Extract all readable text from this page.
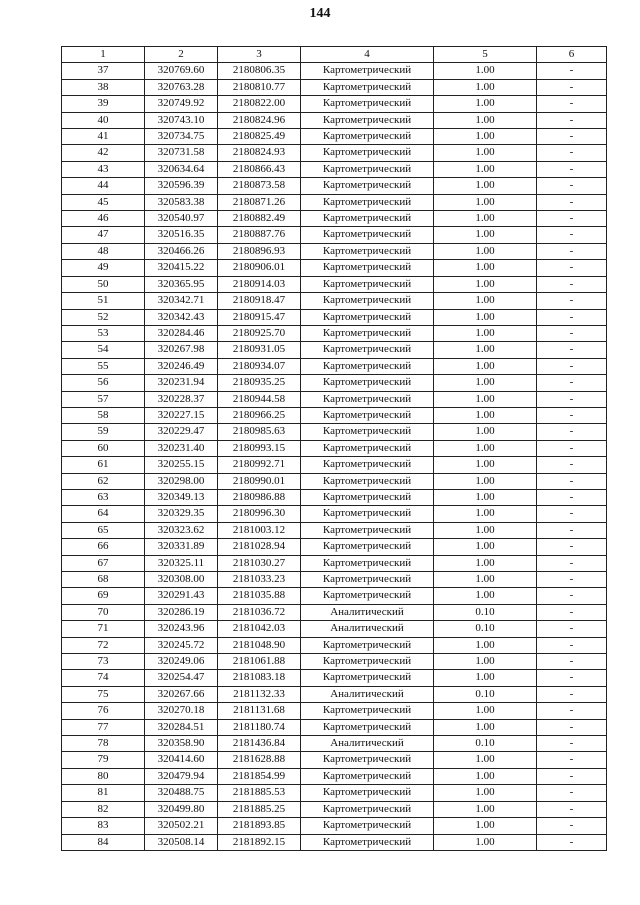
144
1	2	3	4	5	6
37	320769.60	2180806.35	Картометрический	1.00	-
38	320763.28	2180810.77	Картометрический	1.00	-
39	320749.92	2180822.00	Картометрический	1.00	-
40	320743.10	2180824.96	Картометрический	1.00	-
41	320734.75	2180825.49	Картометрический	1.00	-
42	320731.58	2180824.93	Картометрический	1.00	-
43	320634.64	2180866.43	Картометрический	1.00	-
44	320596.39	2180873.58	Картометрический	1.00	-
45	320583.38	2180871.26	Картометрический	1.00	-
46	320540.97	2180882.49	Картометрический	1.00	-
47	320516.35	2180887.76	Картометрический	1.00	-
48	320466.26	2180896.93	Картометрический	1.00	-
49	320415.22	2180906.01	Картометрический	1.00	-
50	320365.95	2180914.03	Картометрический	1.00	-
51	320342.71	2180918.47	Картометрический	1.00	-
52	320342.43	2180915.47	Картометрический	1.00	-
53	320284.46	2180925.70	Картометрический	1.00	-
54	320267.98	2180931.05	Картометрический	1.00	-
55	320246.49	2180934.07	Картометрический	1.00	-
56	320231.94	2180935.25	Картометрический	1.00	-
57	320228.37	2180944.58	Картометрический	1.00	-
58	320227.15	2180966.25	Картометрический	1.00	-
59	320229.47	2180985.63	Картометрический	1.00	-
60	320231.40	2180993.15	Картометрический	1.00	-
61	320255.15	2180992.71	Картометрический	1.00	-
62	320298.00	2180990.01	Картометрический	1.00	-
63	320349.13	2180986.88	Картометрический	1.00	-
64	320329.35	2180996.30	Картометрический	1.00	-
65	320323.62	2181003.12	Картометрический	1.00	-
66	320331.89	2181028.94	Картометрический	1.00	-
67	320325.11	2181030.27	Картометрический	1.00	-
68	320308.00	2181033.23	Картометрический	1.00	-
69	320291.43	2181035.88	Картометрический	1.00	-
70	320286.19	2181036.72	Аналитический	0.10	-
71	320243.96	2181042.03	Аналитический	0.10	-
72	320245.72	2181048.90	Картометрический	1.00	-
73	320249.06	2181061.88	Картометрический	1.00	-
74	320254.47	2181083.18	Картометрический	1.00	-
75	320267.66	2181132.33	Аналитический	0.10	-
76	320270.18	2181131.68	Картометрический	1.00	-
77	320284.51	2181180.74	Картометрический	1.00	-
78	320358.90	2181436.84	Аналитический	0.10	-
79	320414.60	2181628.88	Картометрический	1.00	-
80	320479.94	2181854.99	Картометрический	1.00	-
81	320488.75	2181885.53	Картометрический	1.00	-
82	320499.80	2181885.25	Картометрический	1.00	-
83	320502.21	2181893.85	Картометрический	1.00	-
84	320508.14	2181892.15	Картометрический	1.00	-
